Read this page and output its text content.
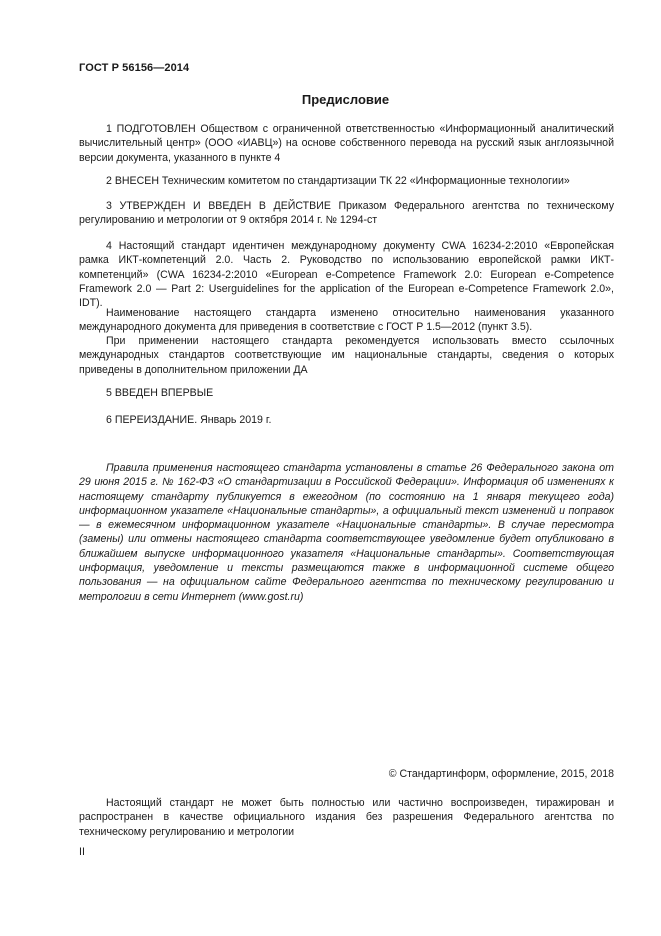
ГОСТ Р 56156—2014
Предисловие

1 ПОДГОТОВЛЕН Обществом с ограниченной ответственностью «Информационный аналитический вычислительный центр» (ООО «ИАВЦ») на основе собственного перевода на русский язык англоязычной версии документа, указанного в пункте 4

2 ВНЕСЕН Техническим комитетом по стандартизации ТК 22 «Информационные технологии»

3 УТВЕРЖДЕН И ВВЕДЕН В ДЕЙСТВИЕ Приказом Федерального агентства по техническому регулированию и метрологии от 9 октября 2014 г. № 1294-ст

4 Настоящий стандарт идентичен международному документу CWA 16234-2:2010 «Европейская рамка ИКТ-компетенций 2.0. Часть 2. Руководство по использованию европейской рамки ИКТ-компетенций» (CWA 16234-2:2010 «European e-Competence Framework 2.0: European e-Competence Framework 2.0 — Part 2: Userguidelines for the application of the European e-Competence Framework 2.0», IDT).

Наименование настоящего стандарта изменено относительно наименования указанного международного документа для приведения в соответствие с ГОСТ Р 1.5—2012 (пункт 3.5).

При применении настоящего стандарта рекомендуется использовать вместо ссылочных международных стандартов соответствующие им национальные стандарты, сведения о которых приведены в дополнительном приложении ДА

5 ВВЕДЕН ВПЕРВЫЕ

6 ПЕРЕИЗДАНИЕ. Январь 2019 г.

Правила применения настоящего стандарта установлены в статье 26 Федерального закона от 29 июня 2015 г. № 162-ФЗ «О стандартизации в Российской Федерации». Информация об изменениях к настоящему стандарту публикуется в ежегодном (по состоянию на 1 января текущего года) информационном указателе «Национальные стандарты», а официальный текст изменений и поправок — в ежемесячном информационном указателе «Национальные стандарты». В случае пересмотра (замены) или отмены настоящего стандарта соответствующее уведомление будет опубликовано в ближайшем выпуске информационного указателя «Национальные стандарты». Соответствующая информация, уведомление и тексты размещаются также в информационной системе общего пользования — на официальном сайте Федерального агентства по техническому регулированию и метрологии в сети Интернет (www.gost.ru)

© Стандартинформ, оформление, 2015, 2018

Настоящий стандарт не может быть полностью или частично воспроизведен, тиражирован и распространен в качестве официального издания без разрешения Федерального агентства по техническому регулированию и метрологии

II
